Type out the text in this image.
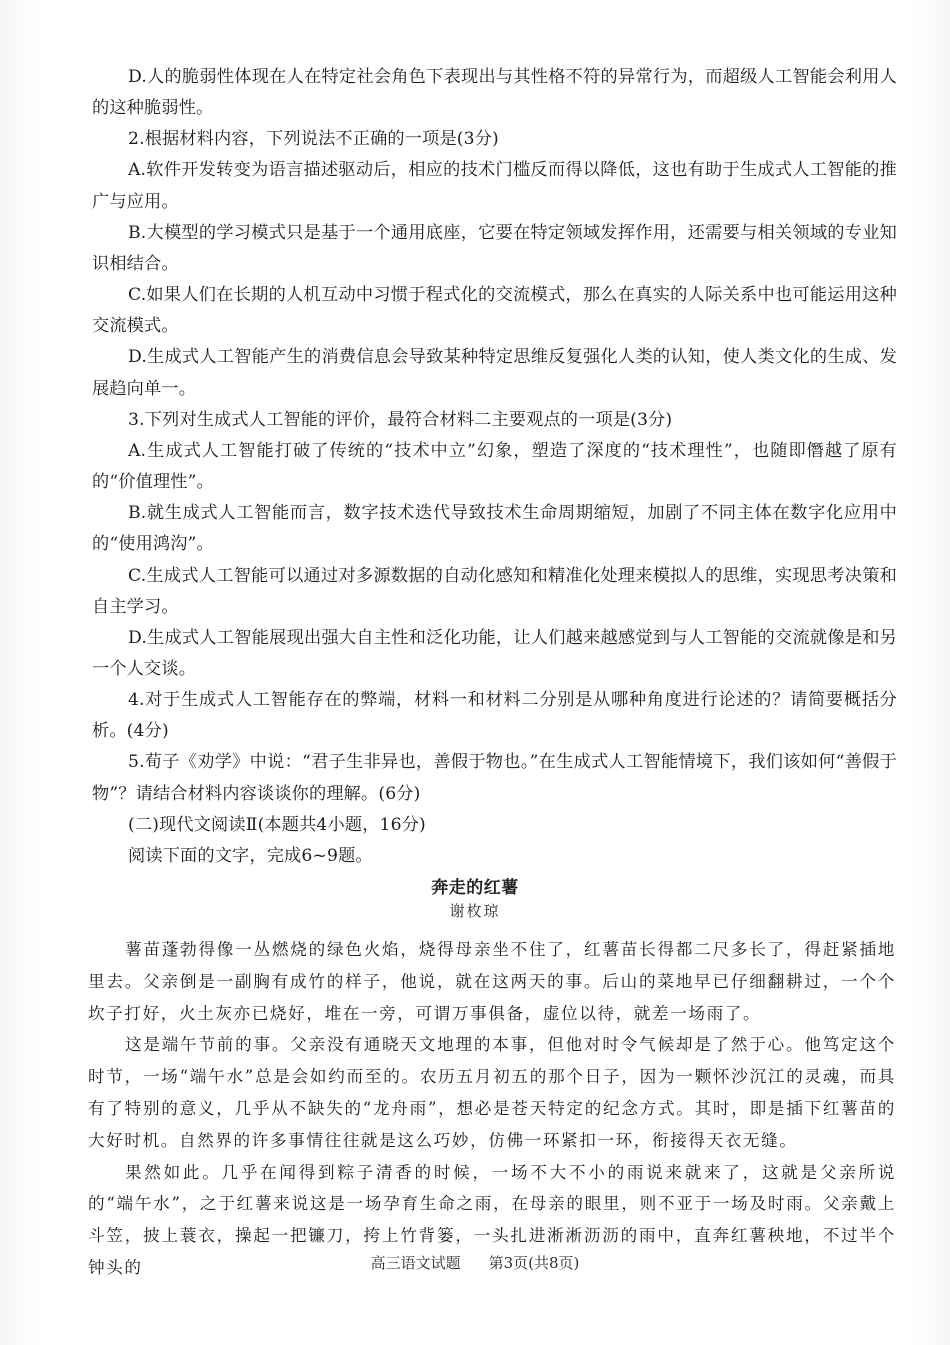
D.人的脆弱性体现在人在特定社会角色下表现出与其性格不符的异常行为，而超级人工智能会利用人的这种脆弱性。

2.根据材料内容，下列说法不正确的一项是(3分)

A.软件开发转变为语言描述驱动后，相应的技术门槛反而得以降低，这也有助于生成式人工智能的推广与应用。

B.大模型的学习模式只是基于一个通用底座，它要在特定领域发挥作用，还需要与相关领域的专业知识相结合。

C.如果人们在长期的人机互动中习惯于程式化的交流模式，那么在真实的人际关系中也可能运用这种交流模式。

D.生成式人工智能产生的消费信息会导致某种特定思维反复强化人类的认知，使人类文化的生成、发展趋向单一。

3.下列对生成式人工智能的评价，最符合材料二主要观点的一项是(3分)

A.生成式人工智能打破了传统的“技术中立”幻象，塑造了深度的“技术理性”，也随即僭越了原有的“价值理性”。

B.就生成式人工智能而言，数字技术迭代导致技术生命周期缩短，加剧了不同主体在数字化应用中的“使用鸿沟”。

C.生成式人工智能可以通过对多源数据的自动化感知和精准化处理来模拟人的思维，实现思考决策和自主学习。

D.生成式人工智能展现出强大自主性和泛化功能，让人们越来越感觉到与人工智能的交流就像是和另一个人交谈。

4.对于生成式人工智能存在的弊端，材料一和材料二分别是从哪种角度进行论述的？请简要概括分析。(4分)

5.荀子《劝学》中说：“君子生非异也，善假于物也。”在生成式人工智能情境下，我们该如何“善假于物”？请结合材料内容谈谈你的理解。(6分)

(二)现代文阅读Ⅱ(本题共4小题，16分)

阅读下面的文字，完成6~9题。

奔走的红薯
谢枚琼

薯苗蓬勃得像一丛燃烧的绿色火焰，烧得母亲坐不住了，红薯苗长得都二尺多长了，得赶紧插地里去。父亲倒是一副胸有成竹的样子，他说，就在这两天的事。后山的菜地早已仔细翻耕过，一个个坎子打好，火土灰亦已烧好，堆在一旁，可谓万事俱备，虚位以待，就差一场雨了。

这是端午节前的事。父亲没有通晓天文地理的本事，但他对时令气候却是了然于心。他笃定这个时节，一场“端午水”总是会如约而至的。农历五月初五的那个日子，因为一颗怀沙沉江的灵魂，而具有了特别的意义，几乎从不缺失的“龙舟雨”，想必是苍天特定的纪念方式。其时，即是插下红薯苗的大好时机。自然界的许多事情往往就是这么巧妙，仿佛一环紧扣一环，衔接得天衣无缝。

果然如此。几乎在闻得到粽子清香的时候，一场不大不小的雨说来就来了，这就是父亲所说的“端午水”，之于红薯来说这是一场孕育生命之雨，在母亲的眼里，则不亚于一场及时雨。父亲戴上斗笠，披上蓑衣，操起一把镰刀，挎上竹背篓，一头扎进淅淅沥沥的雨中，直奔红薯秧地，不过半个钟头的	高三语文试题 第3页(共8页)
